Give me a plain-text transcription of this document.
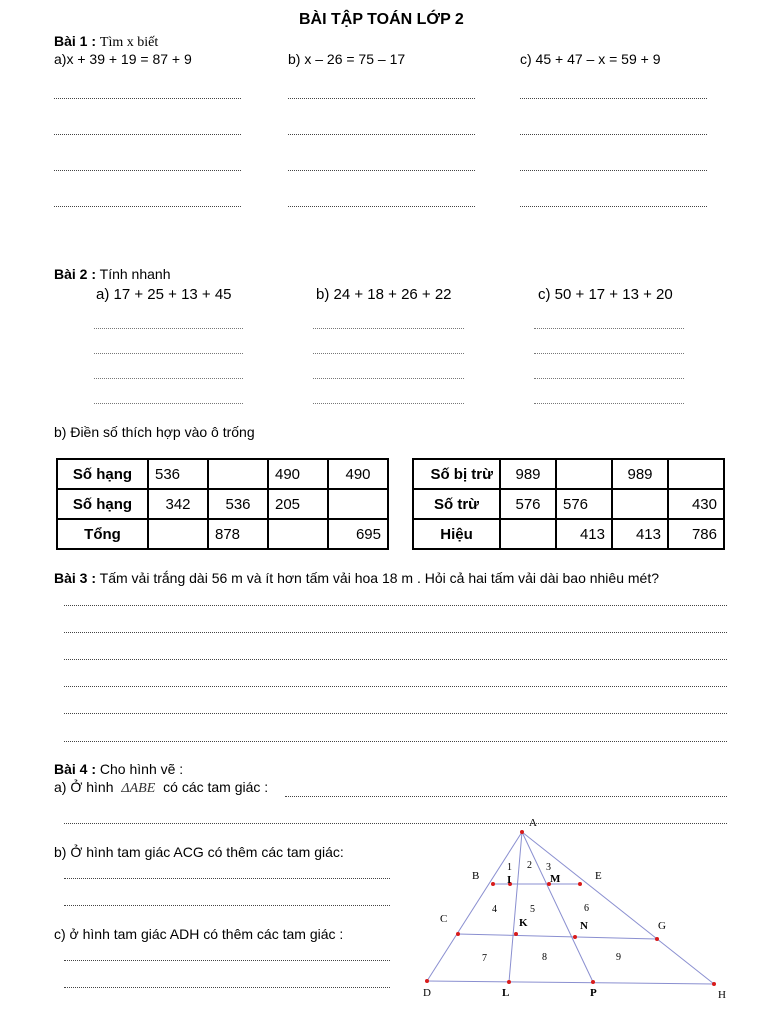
BÀI TẬP TOÁN LỚP 2
Bài 1 : Tìm x biết
a)x + 39 + 19 = 87 + 9	b) x – 26 = 75 – 17	c) 45 + 47 – x = 59 + 9
Bài 2 : Tính nhanh
a) 17 + 25 + 13 + 45	b) 24 + 18 + 26 + 22	c) 50 + 17 + 13 + 20
b) Điền số thích hợp vào ô trống
Số hạng	536		490	490
Số hạng	342	536	205	
Tổng		878		695
Số bị trừ	989		989	
Số trừ	576	576		430
Hiệu		413	413	786
Bài 3 : Tấm vải trắng dài 56 m và ít hơn tấm vải hoa 18 m . Hỏi cả hai tấm vải dài bao nhiêu mét?
Bài 4 : Cho hình vẽ :
a) Ở hình ΔABE có các tam giác :
b) Ở hình tam giác ACG có thêm các tam giác:
c) ở hình tam giác ADH có thêm các tam giác :
A
B	I	M	E
C	K	N	G
D	L	P	H
1 2 3
4	5	6
7	8	9
